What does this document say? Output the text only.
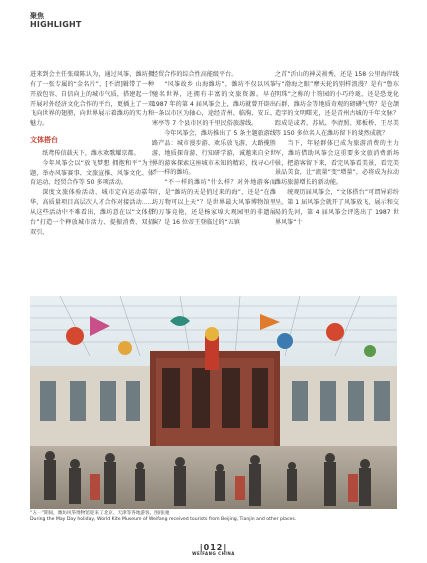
聚焦
HIGHLIGHT

进来到会主任张瑞陈认为，通过风筝，潍坊拥有了一张专属的“金名片”，[不清]辑带了一种开放包容、自信向上的城市气质，搭建起一个开展对外经济文化合作的平台，更插上了一双飞向世界的翅膀，向世界展示着潍坊的实力和魅力。

文体搭台

纸鸢传信载天下，潍水欢歌耀京都。

今年风筝会以“放飞梦想 拥抱和平”为主题，举办风筝赛事、文旅宣推、风筝文化、体育运动、经贸合作等 50 多项活动。

深度文旅体验活动、城市定向运动嘉年华、高质量项目高层次人才合作对接活动……从这些活动中不难看出，潍坊意在以“文体搭台”打造一个释放城市活力、提振消费、双招双引、

经贸合作的综合性高能级平台。

“风筝故乡 山海潍坊”，潍坊不仅以风筝驰名世界，还拥有丰富的文旅资源。早在 1987 年的第 4 届风筝会上，潍坊就曾开辟出一条以市区为轴心，途经青州、临朐、安丘、寒亭等 7 个县市区的千里民俗旅游线。

今年风筝会，潍坊推出了 5 条主题旅游线路产品：城市漫步游、欢乐放飞游、大路揽胜游、地质探奇游、行知研学游，诚邀来自全世界的游客探索这座城市未知的精彩，找寻心中不一样的潍坊。

“不一样的潍坊”什么样？对外地游客而言，是“潍坊的天是俏过来的海”，还是“在潍坊万物可以上天”？是世界最大风筝博物馆里的万筝竞艳，还是杨家埠大观园里的非遗展演？是 16 位帝王登临过的“五镇

之首”沂山的神灵祓秀，还是 158 公里海岸线与“渤海之眼”摩天轮的别样浪漫？是有“鲁东明珠”之称的十笏园的小巧玲珑，还是恐龙化石群、潍坊金等地质奇观的磅礴气势？是仓颉造字的文明曙光，还是青州古城的千年文脉？踪成是或者、苏轼、李清照、郑板桥、王尽美等 150 多位名人在潍坊留下的斐然成就？

当下，年轻群体已成为旅游消费的主力军，潍坊借助风筝会这重要多文旅消费新场景，把游客留下来，看完风筝看美景，看完美景品美食，让“流量”变“增量”，必将成为拉动潍坊旅游增长的新动能。

统观历届风筝会，“文体搭台”可谓异彩纷呈。第 1 届风筝会就开了风筝放飞、展示和交易的先河，第 4 届风筝会评选出了 1987 世界风筝“十

“五一”期间，潍坊风筝博物馆迎来了北京、天津等各地游客。图/张驰
During the May Day holiday, World Kite Museum of Weifang received tourists from Beijing, Tianjin and other places.
|012|
WEIFANG CHINA
